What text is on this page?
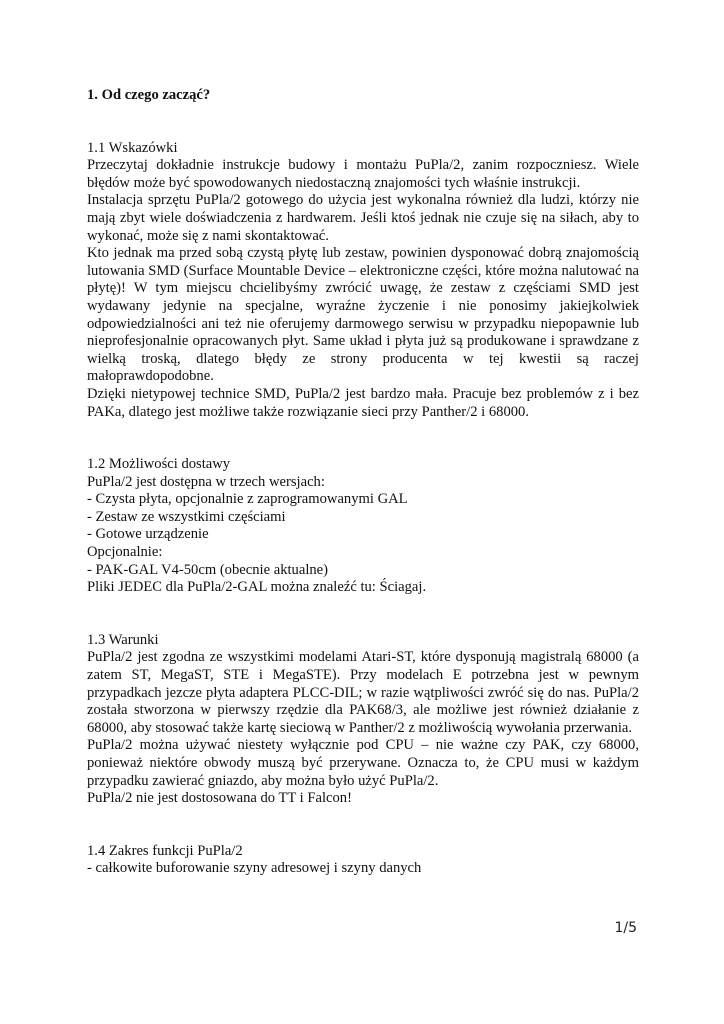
1. Od czego zacząć?
1.1 Wskazówki

Przeczytaj dokładnie instrukcje budowy i montażu PuPla/2, zanim rozpoczniesz. Wiele błędów może być spowodowanych niedostaczną znajomości tych właśnie instrukcji.

Instalacja sprzętu PuPla/2 gotowego do użycia jest wykonalna również dla ludzi, którzy nie mają zbyt wiele doświadczenia z hardwarem. Jeśli ktoś jednak nie czuje się na siłach, aby to wykonać, może się z nami skontaktować.

Kto jednak ma przed sobą czystą płytę lub zestaw, powinien dysponować dobrą znajomością lutowania SMD (Surface Mountable Device – elektroniczne części, które można nalutować na płytę)! W tym miejscu chcielibyśmy zwrócić uwagę, że zestaw z częściami SMD jest wydawany jedynie na specjalne, wyraźne życzenie i nie ponosimy jakiejkolwiek odpowiedzialności ani też nie oferujemy darmowego serwisu w przypadku niepopawnie lub nieprofesjonalnie opracowanych płyt. Same układ i płyta już są produkowane i sprawdzane z wielką troską, dlatego błędy ze strony producenta w tej kwestii są raczej małoprawdopodobne.

Dzięki nietypowej technice SMD, PuPla/2 jest bardzo mała. Pracuje bez problemów z i bez PAKa, dlatego jest możliwe także rozwiązanie sieci przy Panther/2 i 68000.

1.2 Możliwości dostawy
PuPla/2 jest dostępna w trzech wersjach:
- Czysta płyta, opcjonalnie z zaprogramowanymi GAL
- Zestaw ze wszystkimi częściami
- Gotowe urządzenie
Opcjonalnie:
- PAK-GAL V4-50cm (obecnie aktualne)
Pliki JEDEC dla PuPla/2-GAL można znaleźć tu: Ściagaj.
1.3 Warunki

PuPla/2 jest zgodna ze wszystkimi modelami Atari-ST, które dysponują magistralą 68000 (a zatem ST, MegaST, STE i MegaSTE). Przy modelach E potrzebna jest w pewnym przypadkach jezcze płyta adaptera PLCC-DIL; w razie wątpliwości zwróć się do nas. PuPla/2 została stworzona w pierwszy rzędzie dla PAK68/3, ale możliwe jest również działanie z 68000, aby stosować także kartę sieciową w Panther/2 z możliwością wywołania przerwania.

PuPla/2 można używać niestety wyłącznie pod CPU – nie ważne czy PAK, czy 68000, ponieważ niektóre obwody muszą być przerywane. Oznacza to, że CPU musi w każdym przypadku zawierać gniazdo, aby można było użyć PuPla/2.

PuPla/2 nie jest dostosowana do TT i Falcon!

1.4 Zakres funkcji PuPla/2
- całkowite buforowanie szyny adresowej i szyny danych
1/5
